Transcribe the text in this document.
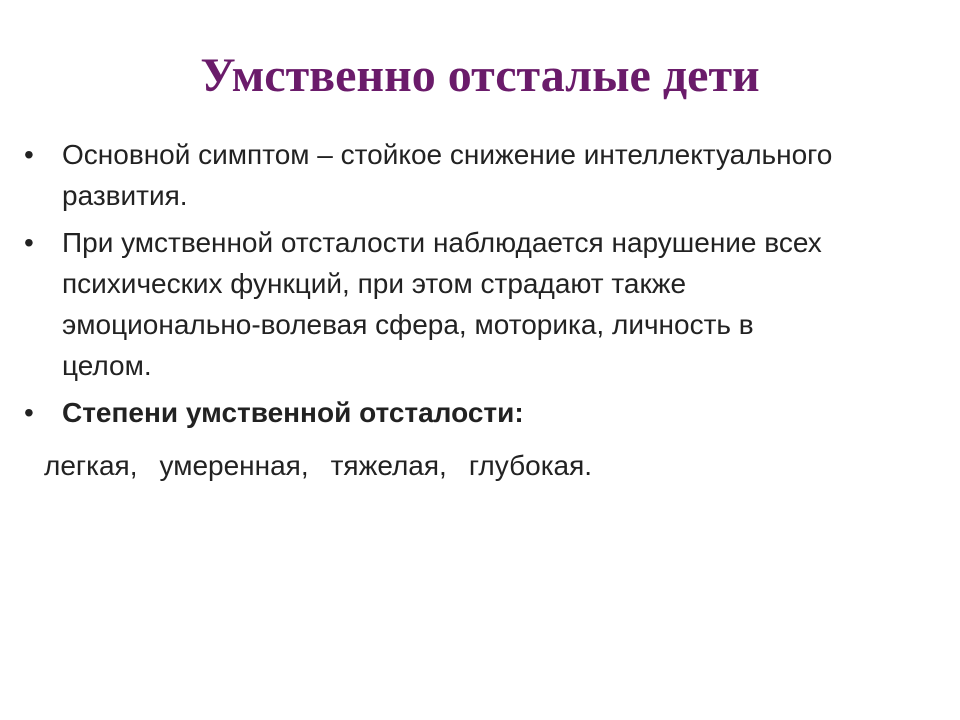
Умственно отсталые дети
•	Основной симптом – стойкое снижение интеллектуального
развития.
•	При умственной отсталости наблюдается нарушение всех
психических функций, при этом страдают также
эмоционально-волевая сфера, моторика, личность в
целом.
•	Степени умственной отсталости:

легкая, умеренная, тяжелая, глубокая.
